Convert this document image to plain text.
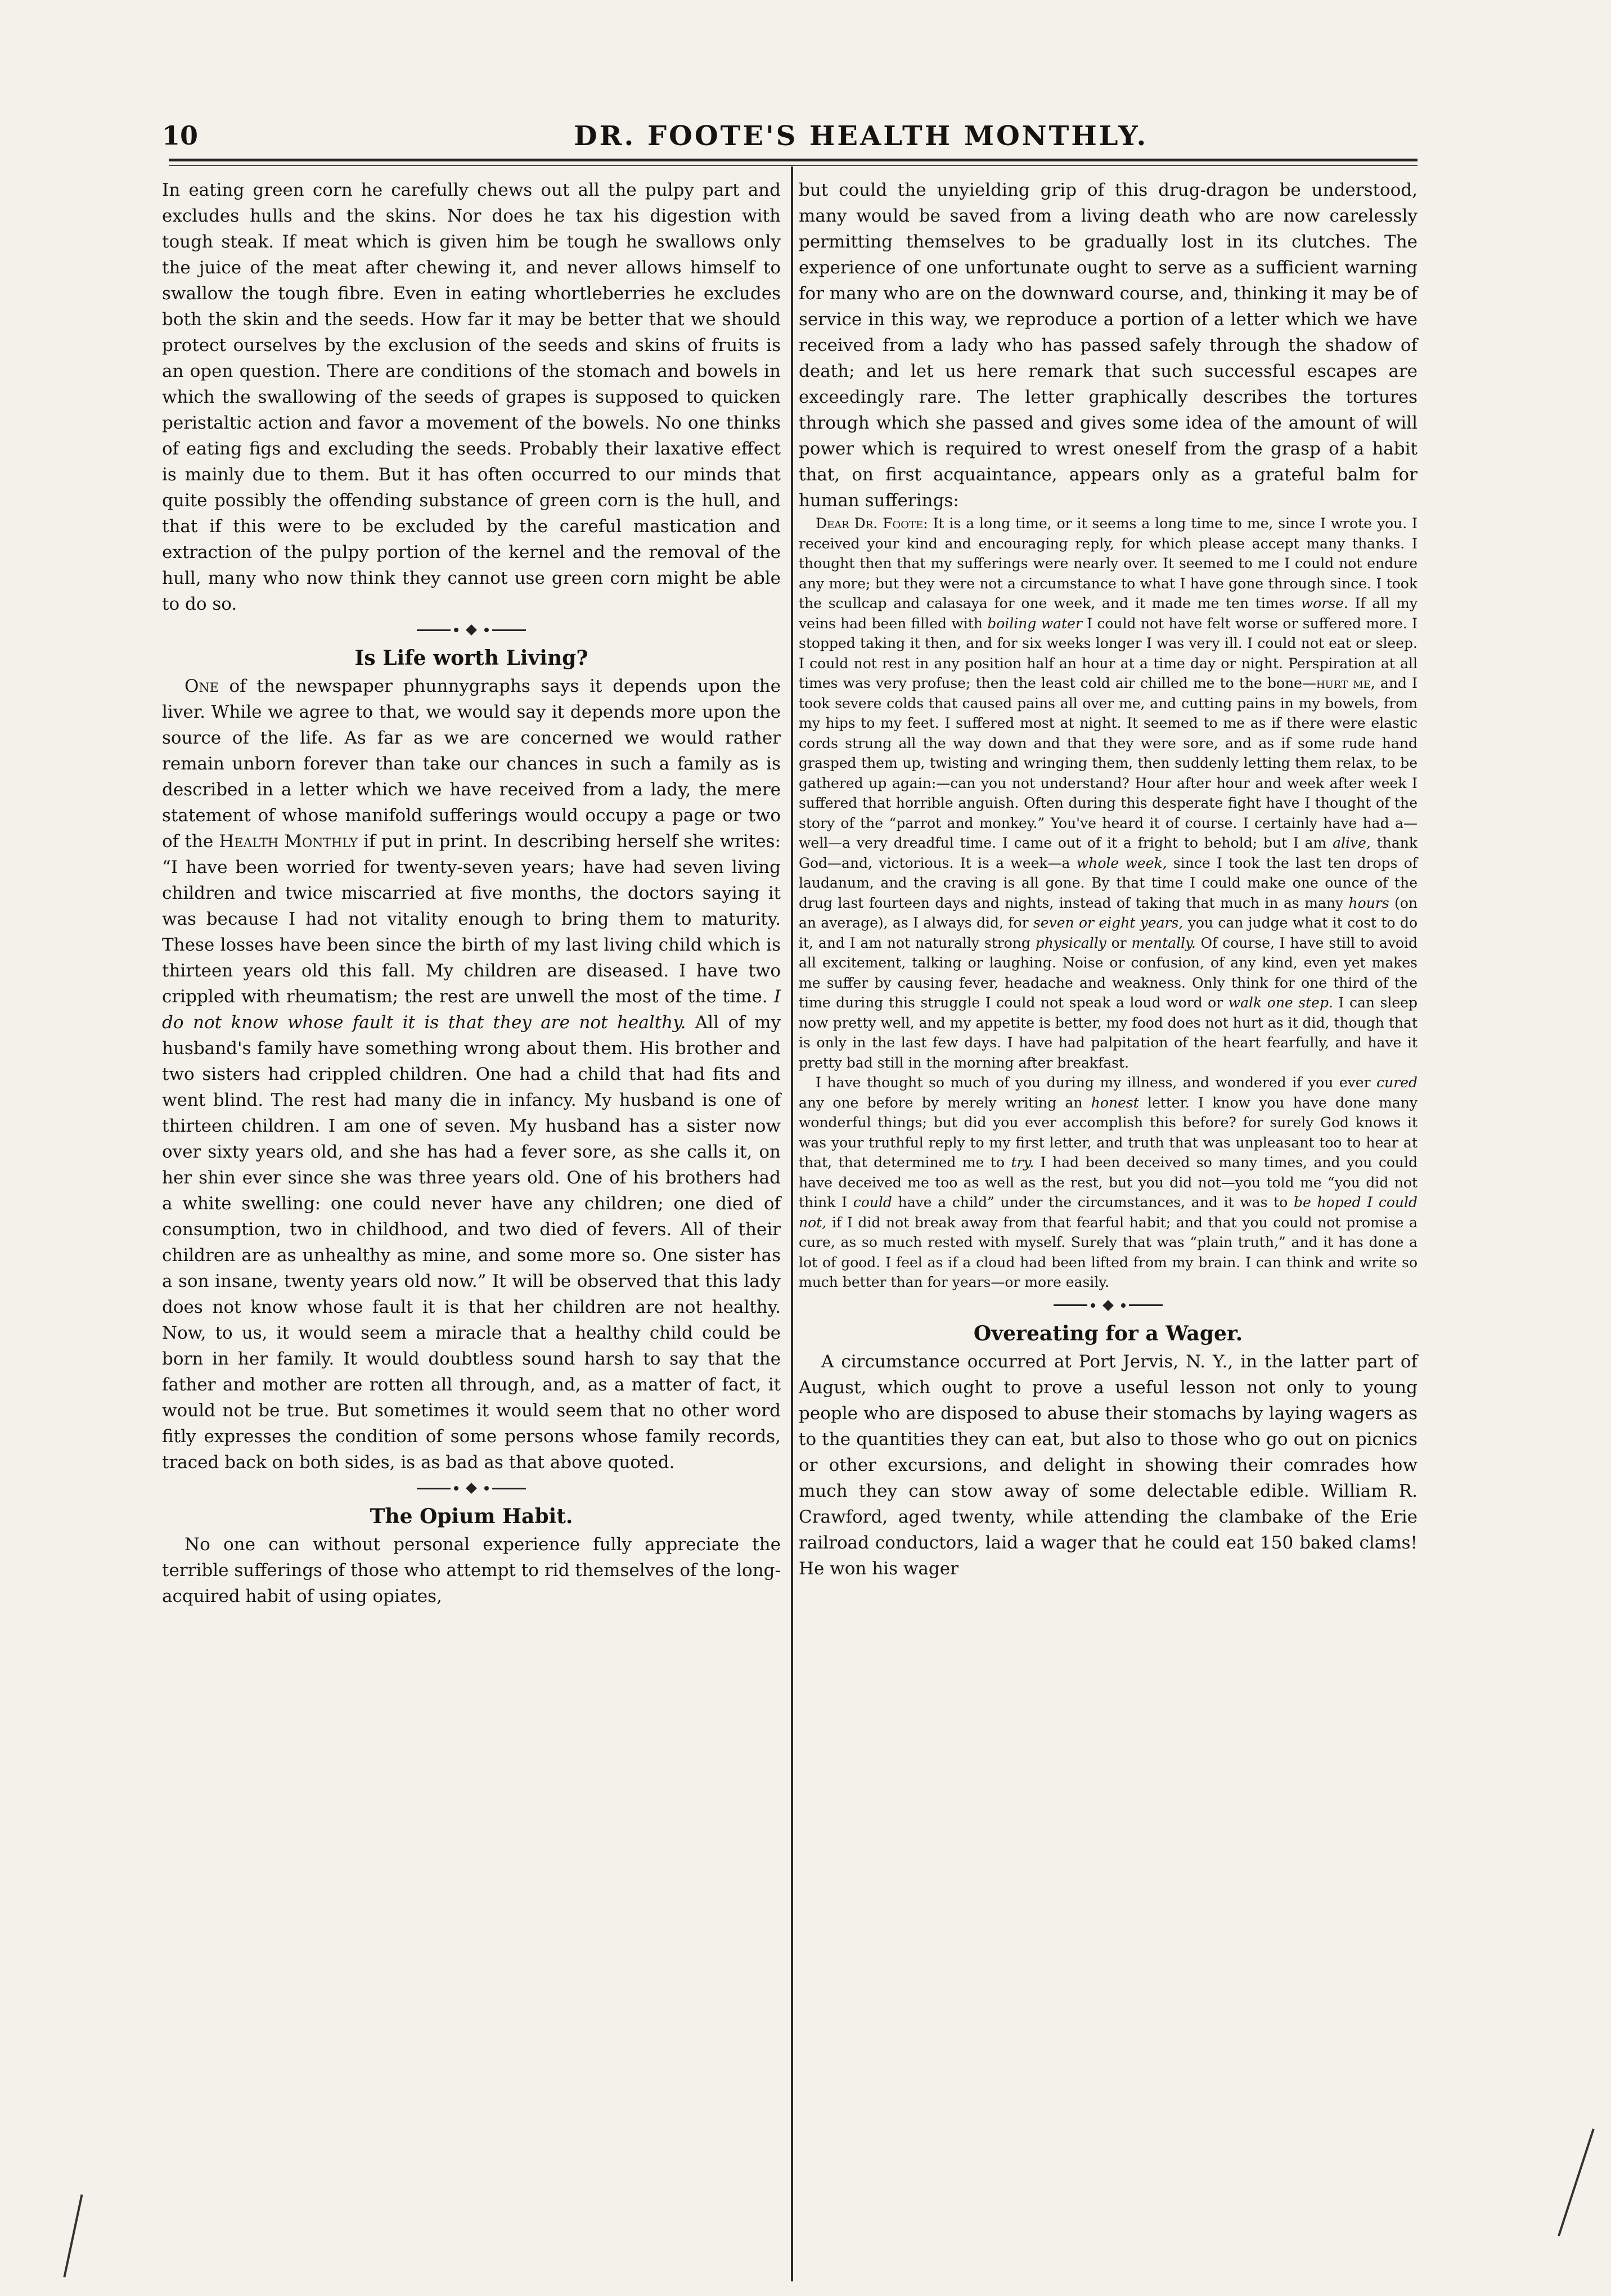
10	DR. FOOTE'S HEALTH MONTHLY.

In eating green corn he carefully chews out all the pulpy part and excludes hulls and the skins. Nor does he tax his digestion with tough steak. If meat which is given him be tough he swallows only the juice of the meat after chewing it, and never allows himself to swallow the tough fibre. Even in eating whortleberries he excludes both the skin and the seeds. How far it may be better that we should protect ourselves by the exclusion of the seeds and skins of fruits is an open question. There are conditions of the stomach and bowels in which the swallowing of the seeds of grapes is supposed to quicken peristaltic action and favor a movement of the bowels. No one thinks of eating figs and excluding the seeds. Probably their laxative effect is mainly due to them. But it has often occurred to our minds that quite possibly the offending substance of green corn is the hull, and that if this were to be excluded by the careful mastication and extraction of the pulpy portion of the kernel and the removal of the hull, many who now think they cannot use green corn might be able to do so.

Is Life worth Living?

One of the newspaper phunnygraphs says it depends upon the liver. While we agree to that, we would say it depends more upon the source of the life. As far as we are concerned we would rather remain unborn forever than take our chances in such a family as is described in a letter which we have received from a lady, the mere statement of whose manifold sufferings would occupy a page or two of the Health Monthly if put in print. In describing herself she writes: “I have been worried for twenty-seven years; have had seven living children and twice miscarried at five months, the doctors saying it was because I had not vitality enough to bring them to maturity. These losses have been since the birth of my last living child which is thirteen years old this fall. My children are diseased. I have two crippled with rheumatism; the rest are unwell the most of the time. I do not know whose fault it is that they are not healthy. All of my husband's family have something wrong about them. His brother and two sisters had crippled children. One had a child that had fits and went blind. The rest had many die in infancy. My husband is one of thirteen children. I am one of seven. My husband has a sister now over sixty years old, and she has had a fever sore, as she calls it, on her shin ever since she was three years old. One of his brothers had a white swelling: one could never have any children; one died of consumption, two in childhood, and two died of fevers. All of their children are as unhealthy as mine, and some more so. One sister has a son insane, twenty years old now.” It will be observed that this lady does not know whose fault it is that her children are not healthy. Now, to us, it would seem a miracle that a healthy child could be born in her family. It would doubtless sound harsh to say that the father and mother are rotten all through, and, as a matter of fact, it would not be true. But sometimes it would seem that no other word fitly expresses the condition of some persons whose family records, traced back on both sides, is as bad as that above quoted.

The Opium Habit.

No one can without personal experience fully appreciate the terrible sufferings of those who attempt to rid themselves of the long-acquired habit of using opiates,

but could the unyielding grip of this drug-dragon be understood, many would be saved from a living death who are now carelessly permitting themselves to be gradually lost in its clutches. The experience of one unfortunate ought to serve as a sufficient warning for many who are on the downward course, and, thinking it may be of service in this way, we reproduce a portion of a letter which we have received from a lady who has passed safely through the shadow of death; and let us here remark that such successful escapes are exceedingly rare. The letter graphically describes the tortures through which she passed and gives some idea of the amount of will power which is required to wrest oneself from the grasp of a habit that, on first acquaintance, appears only as a grateful balm for human sufferings:

Dear Dr. Foote: It is a long time, or it seems a long time to me, since I wrote you. I received your kind and encouraging reply, for which please accept many thanks. I thought then that my sufferings were nearly over. It seemed to me I could not endure any more; but they were not a circumstance to what I have gone through since. I took the scullcap and calasaya for one week, and it made me ten times worse. If all my veins had been filled with boiling water I could not have felt worse or suffered more. I stopped taking it then, and for six weeks longer I was very ill. I could not eat or sleep. I could not rest in any position half an hour at a time day or night. Perspiration at all times was very profuse; then the least cold air chilled me to the bone—hurt me, and I took severe colds that caused pains all over me, and cutting pains in my bowels, from my hips to my feet. I suffered most at night. It seemed to me as if there were elastic cords strung all the way down and that they were sore, and as if some rude hand grasped them up, twisting and wringing them, then suddenly letting them relax, to be gathered up again:—can you not understand? Hour after hour and week after week I suffered that horrible anguish. Often during this desperate fight have I thought of the story of the “parrot and monkey.” You've heard it of course. I certainly have had a—well—a very dreadful time. I came out of it a fright to behold; but I am alive, thank God—and, victorious. It is a week—a whole week, since I took the last ten drops of laudanum, and the craving is all gone. By that time I could make one ounce of the drug last fourteen days and nights, instead of taking that much in as many hours (on an average), as I always did, for seven or eight years, you can judge what it cost to do it, and I am not naturally strong physically or mentally. Of course, I have still to avoid all excitement, talking or laughing. Noise or confusion, of any kind, even yet makes me suffer by causing fever, headache and weakness. Only think for one third of the time during this struggle I could not speak a loud word or walk one step. I can sleep now pretty well, and my appetite is better, my food does not hurt as it did, though that is only in the last few days. I have had palpitation of the heart fearfully, and have it pretty bad still in the morning after breakfast.

I have thought so much of you during my illness, and wondered if you ever cured any one before by merely writing an honest letter. I know you have done many wonderful things; but did you ever accomplish this before? for surely God knows it was your truthful reply to my first letter, and truth that was unpleasant too to hear at that, that determined me to try. I had been deceived so many times, and you could have deceived me too as well as the rest, but you did not—you told me “you did not think I could have a child” under the circumstances, and it was to be hoped I could not, if I did not break away from that fearful habit; and that you could not promise a cure, as so much rested with myself. Surely that was “plain truth,” and it has done a lot of good. I feel as if a cloud had been lifted from my brain. I can think and write so much better than for years—or more easily.

Overeating for a Wager.

A circumstance occurred at Port Jervis, N. Y., in the latter part of August, which ought to prove a useful lesson not only to young people who are disposed to abuse their stomachs by laying wagers as to the quantities they can eat, but also to those who go out on picnics or other excursions, and delight in showing their comrades how much they can stow away of some delectable edible. William R. Crawford, aged twenty, while attending the clambake of the Erie railroad conductors, laid a wager that he could eat 150 baked clams! He won his wager
